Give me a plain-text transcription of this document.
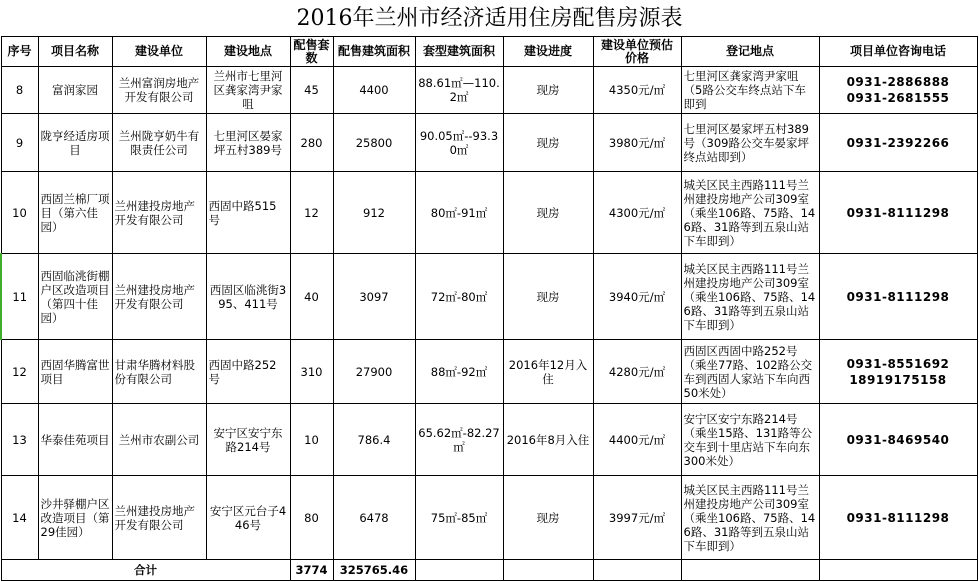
2016年兰州市经济适用住房配售房源表
序号	项目名称	建设单位	建设地点	配售套数	配售建筑面积	套型建筑面积	建设进度	建设单位预估价格	登记地点	项目单位咨询电话
8	富润家园	兰州富润房地产开发有限公司	兰州市七里河区龚家湾尹家咀	45	4400	88.61㎡—110.2㎡	现房	4350元/㎡	七里河区龚家湾尹家咀（5路公交车终点站下车即到	0931-2886888
0931-2681555

9	陇亨经适房项目	兰州陇亨奶牛有限责任公司	七里河区晏家坪五村389号	280	25800	90.05㎡--93.30㎡	现房	3980元/㎡	七里河区晏家坪五村389号（309路公交车晏家坪终点站即到）	0931-2392266

10	西固兰棉厂项目（第六佳园）	兰州建投房地产开发有限公司	西固中路515号	12	912	80㎡-91㎡	现房	4300元/㎡	城关区民主西路111号兰州建投房地产公司309室（乘坐106路、75路、146路、31路等到五泉山站下车即到）	0931-8111298

11	西固临洮街棚户区改造项目（第四十佳园）	兰州建投房地产开发有限公司	西固区临洮街395、411号	40	3097	72㎡-80㎡	现房	3940元/㎡	城关区民主西路111号兰州建投房地产公司309室（乘坐106路、75路、146路、31路等到五泉山站下车即到）	0931-8111298

12	西固华腾富世项目	甘肃华腾材料股份有限公司	西固中路252号	310	27900	88㎡-92㎡	2016年12月入住	4280元/㎡	西固区西固中路252号（乘坐77路、102路公交车到西固人家站下车向西50米处）	0931-8551692
18919175158

13	华泰佳苑项目	兰州市农副公司	安宁区安宁东路214号	10	786.4	65.62㎡-82.27㎡	2016年8月入住	4400元/㎡	安宁区安宁东路214号（乘坐15路、131路等公交车到十里店站下车向东300米处）	0931-8469540

14	沙井驿棚户区改造项目（第29佳园）	兰州建投房地产开发有限公司	安宁区元台子446号	80	6478	75㎡-85㎡	现房	3997元/㎡	城关区民主西路111号兰州建投房地产公司309室（乘坐106路、75路、146路、31路等到五泉山站下车即到）	0931-8111298

合计				3774	325765.46					
